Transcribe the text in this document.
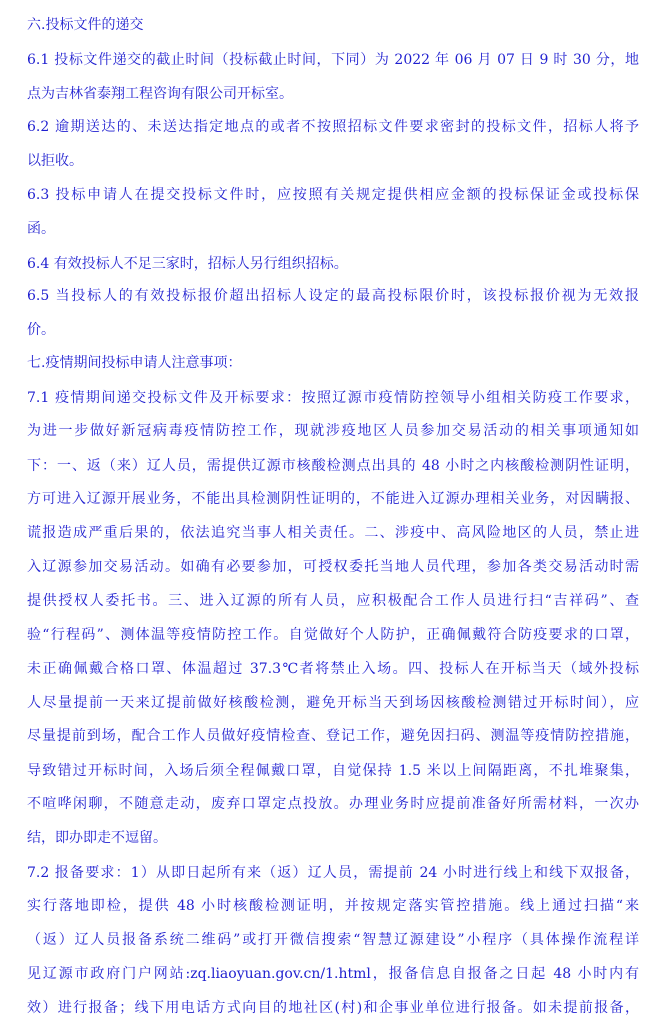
六.投标文件的递交
6.1 投标文件递交的截止时间（投标截止时间，下同）为 2022 年 06 月 07 日 9 时 30 分，地
点为吉林省泰翔工程咨询有限公司开标室。
6.2 逾期送达的、未送达指定地点的或者不按照招标文件要求密封的投标文件，招标人将予
以拒收。
6.3 投标申请人在提交投标文件时，应按照有关规定提供相应金额的投标保证金或投标保
函。
6.4 有效投标人不足三家时，招标人另行组织招标。
6.5 当投标人的有效投标报价超出招标人设定的最高投标限价时，该投标报价视为无效报
价。
七.疫情期间投标申请人注意事项：
7.1 疫情期间递交投标文件及开标要求：按照辽源市疫情防控领导小组相关防疫工作要求，
为进一步做好新冠病毒疫情防控工作，现就涉疫地区人员参加交易活动的相关事项通知如
下：一、返（来）辽人员，需提供辽源市核酸检测点出具的 48 小时之内核酸检测阴性证明，
方可进入辽源开展业务，不能出具检测阴性证明的，不能进入辽源办理相关业务，对因瞒报、
谎报造成严重后果的，依法追究当事人相关责任。二、涉疫中、高风险地区的人员，禁止进
入辽源参加交易活动。如确有必要参加，可授权委托当地人员代理，参加各类交易活动时需
提供授权人委托书。三、进入辽源的所有人员，应积极配合工作人员进行扫“吉祥码”、查
验“行程码”、测体温等疫情防控工作。自觉做好个人防护，正确佩戴符合防疫要求的口罩，
未正确佩戴合格口罩、体温超过 37.3℃者将禁止入场。四、投标人在开标当天（域外投标
人尽量提前一天来辽提前做好核酸检测，避免开标当天到场因核酸检测错过开标时间），应
尽量提前到场，配合工作人员做好疫情检查、登记工作，避免因扫码、测温等疫情防控措施，
导致错过开标时间，入场后须全程佩戴口罩，自觉保持 1.5 米以上间隔距离，不扎堆聚集，
不喧哗闲聊，不随意走动，废弃口罩定点投放。办理业务时应提前准备好所需材料，一次办
结，即办即走不逗留。
7.2 报备要求：1）从即日起所有来（返）辽人员，需提前 24 小时进行线上和线下双报备，
实行落地即检，提供 48 小时核酸检测证明，并按规定落实管控措施。线上通过扫描“来
（返）辽人员报备系统二维码”或打开微信搜索“智慧辽源建设”小程序（具体操作流程详
见辽源市政府门户网站:zq.liaoyuan.gov.cn/1.html，报备信息自报备之日起 48 小时内有
效）进行报备；线下用电话方式向目的地社区(村)和企事业单位进行报备。如未提前报备，
